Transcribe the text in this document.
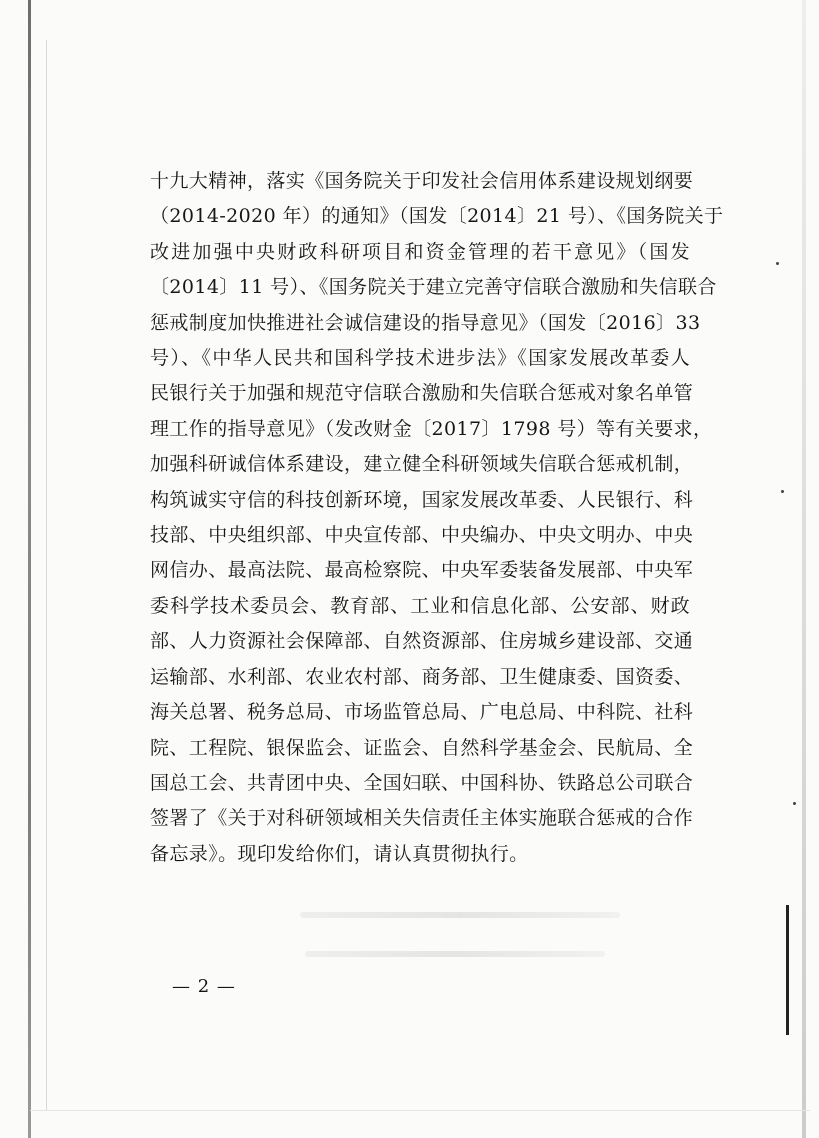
十九大精神，落实《国务院关于印发社会信用体系建设规划纲要
（2014-2020 年）的通知》（国发〔2014〕21 号）、《国务院关于
改进加强中央财政科研项目和资金管理的若干意见》（国发
〔2014〕11 号）、《国务院关于建立完善守信联合激励和失信联合
惩戒制度加快推进社会诚信建设的指导意见》（国发〔2016〕33
号）、《中华人民共和国科学技术进步法》《国家发展改革委人
民银行关于加强和规范守信联合激励和失信联合惩戒对象名单管
理工作的指导意见》（发改财金〔2017〕1798 号）等有关要求，
加强科研诚信体系建设，建立健全科研领域失信联合惩戒机制，
构筑诚实守信的科技创新环境，国家发展改革委、人民银行、科
技部、中央组织部、中央宣传部、中央编办、中央文明办、中央
网信办、最高法院、最高检察院、中央军委装备发展部、中央军
委科学技术委员会、教育部、工业和信息化部、公安部、财政
部、人力资源社会保障部、自然资源部、住房城乡建设部、交通
运输部、水利部、农业农村部、商务部、卫生健康委、国资委、
海关总署、税务总局、市场监管总局、广电总局、中科院、社科
院、工程院、银保监会、证监会、自然科学基金会、民航局、全
国总工会、共青团中央、全国妇联、中国科协、铁路总公司联合
签署了《关于对科研领域相关失信责任主体实施联合惩戒的合作
备忘录》。现印发给你们，请认真贯彻执行。
— 2 —
